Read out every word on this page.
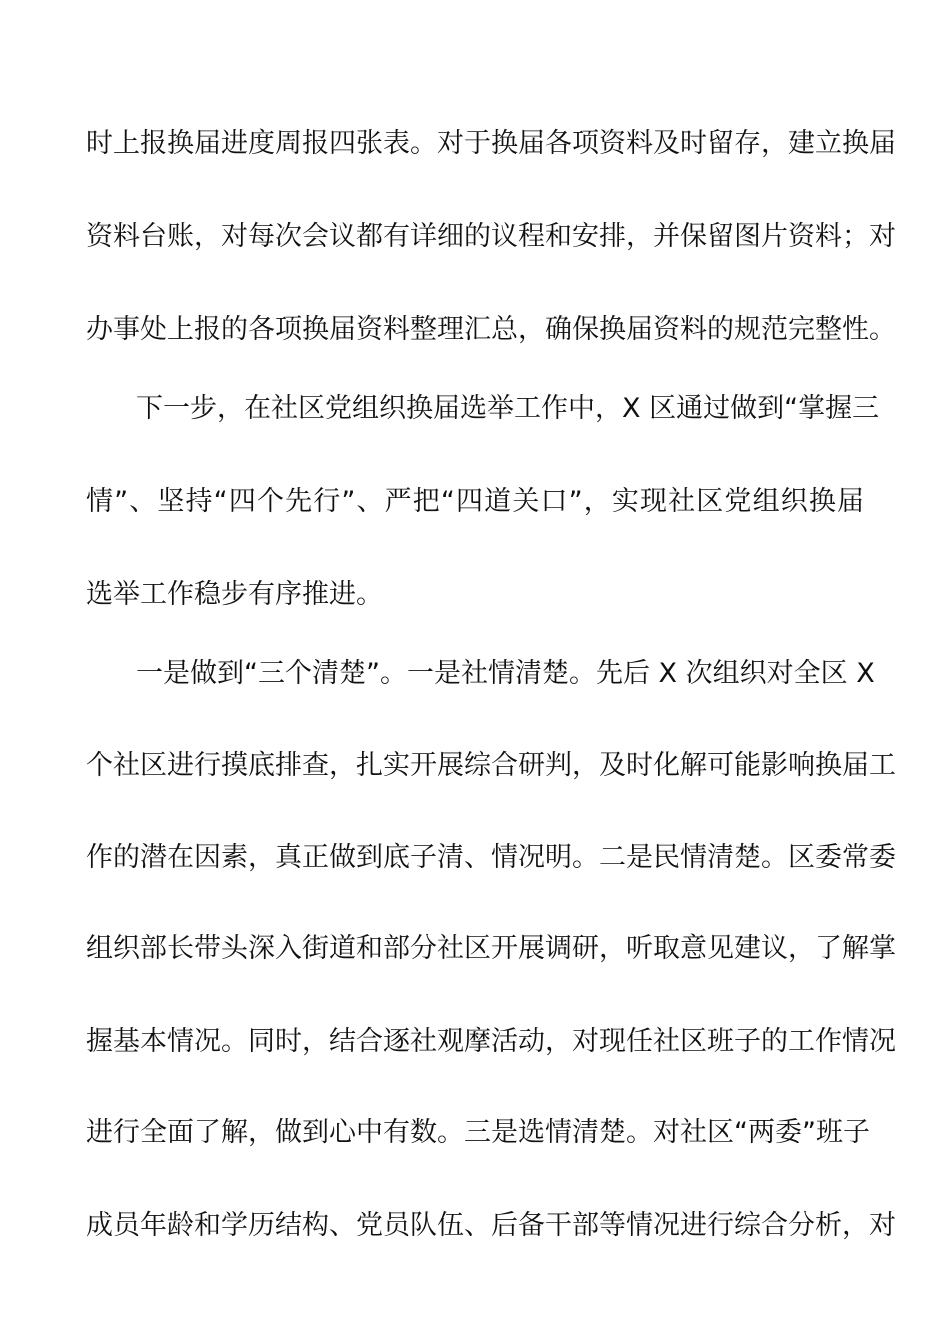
时上报换届进度周报四张表。对于换届各项资料及时留存，建立换届
资料台账，对每次会议都有详细的议程和安排，并保留图片资料；对
办事处上报的各项换届资料整理汇总，确保换届资料的规范完整性。
下一步，在社区党组织换届选举工作中，X 区通过做到“掌握三
情”、坚持“四个先行”、严把“四道关口”，实现社区党组织换届
选举工作稳步有序推进。
一是做到“三个清楚”。一是社情清楚。先后 X 次组织对全区 X
个社区进行摸底排查，扎实开展综合研判，及时化解可能影响换届工
作的潜在因素，真正做到底子清、情况明。二是民情清楚。区委常委
组织部长带头深入街道和部分社区开展调研，听取意见建议，了解掌
握基本情况。同时，结合逐社观摩活动，对现任社区班子的工作情况
进行全面了解，做到心中有数。三是选情清楚。对社区“两委”班子
成员年龄和学历结构、党员队伍、后备干部等情况进行综合分析，对
